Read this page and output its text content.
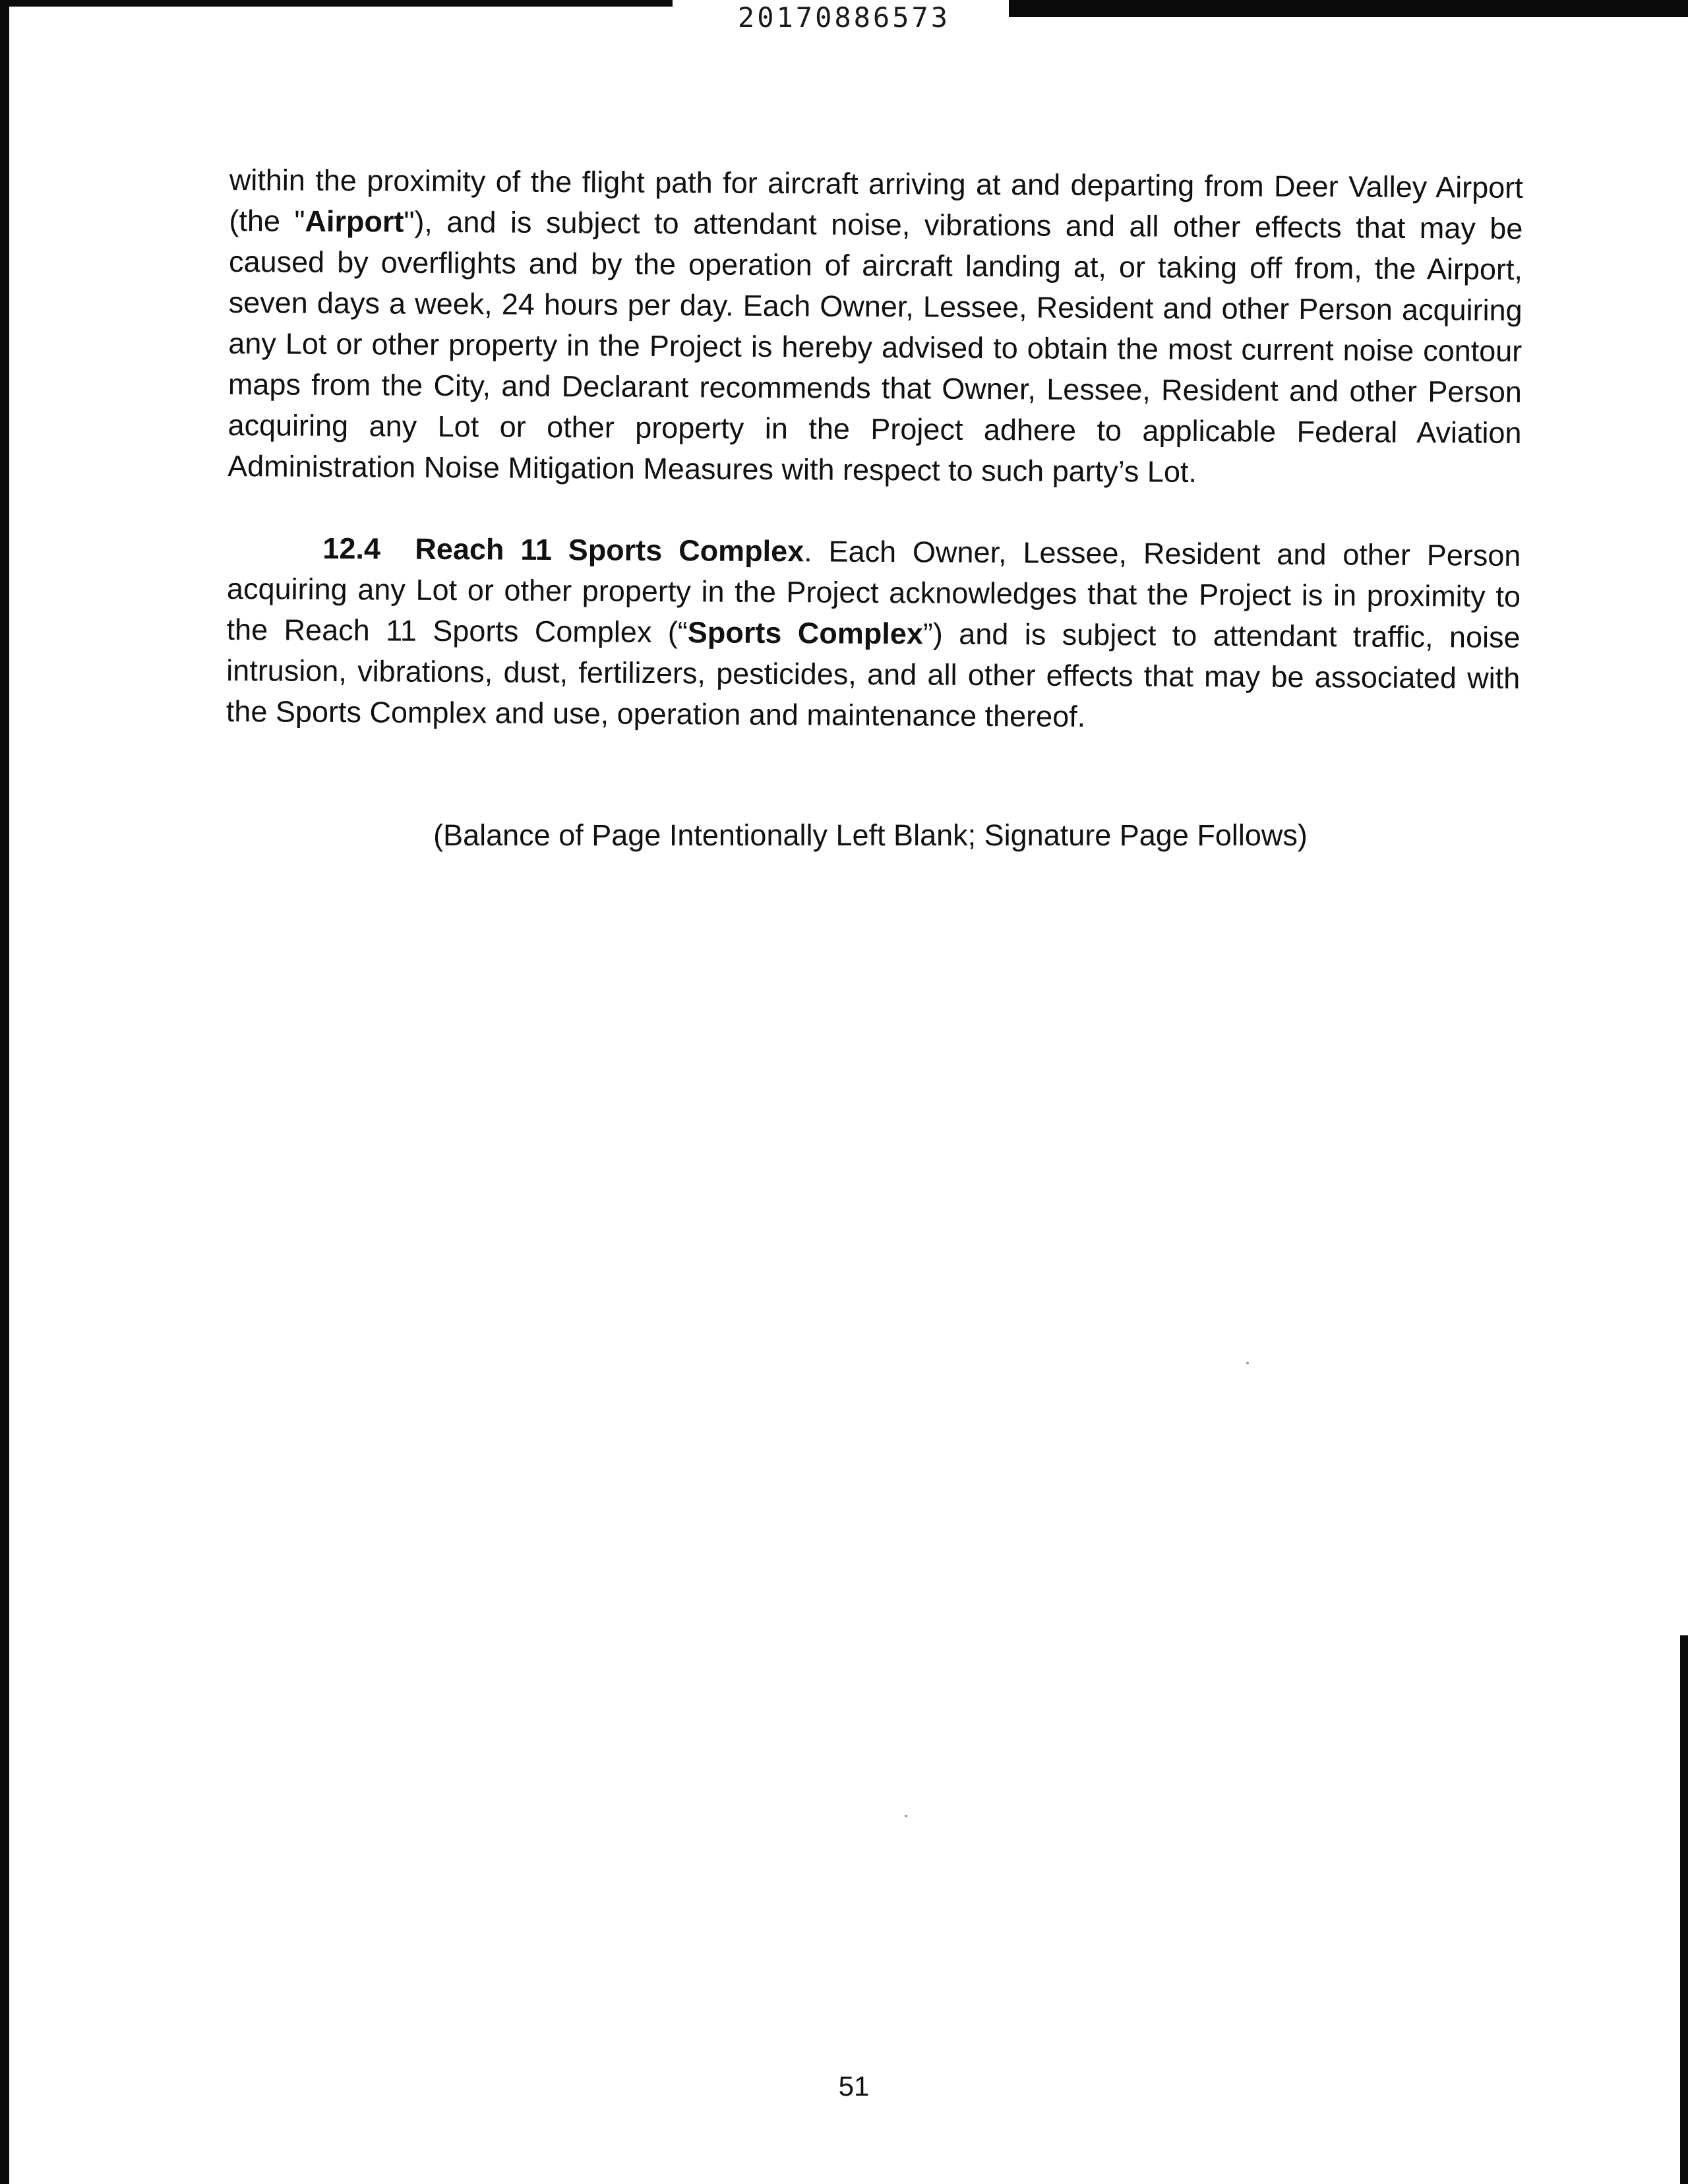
20170886573

within the proximity of the flight path for aircraft arriving at and departing from Deer Valley Airport (the "Airport"), and is subject to attendant noise, vibrations and all other effects that may be caused by overflights and by the operation of aircraft landing at, or taking off from, the Airport, seven days a week, 24 hours per day. Each Owner, Lessee, Resident and other Person acquiring any Lot or other property in the Project is hereby advised to obtain the most current noise contour maps from the City, and Declarant recommends that Owner, Lessee, Resident and other Person acquiring any Lot or other property in the Project adhere to applicable Federal Aviation Administration Noise Mitigation Measures with respect to such party’s Lot.

12.4 Reach 11 Sports Complex. Each Owner, Lessee, Resident and other Person acquiring any Lot or other property in the Project acknowledges that the Project is in proximity to the Reach 11 Sports Complex (“Sports Complex”) and is subject to attendant traffic, noise intrusion, vibrations, dust, fertilizers, pesticides, and all other effects that may be associated with the Sports Complex and use, operation and maintenance thereof.

(Balance of Page Intentionally Left Blank; Signature Page Follows)
51
